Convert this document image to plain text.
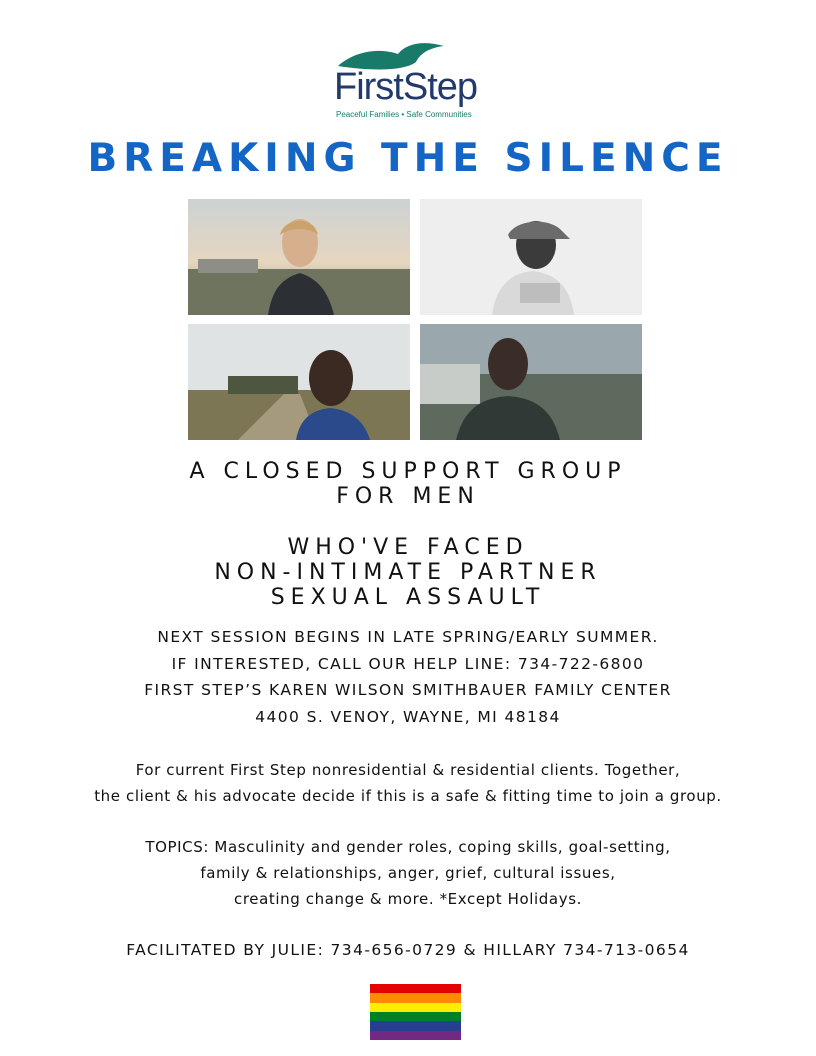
FirstStep
Peaceful Families • Safe Communities
BREAKING THE SILENCE
A CLOSED SUPPORT GROUP
FOR MEN
WHO'VE FACED
NON-INTIMATE PARTNER
SEXUAL ASSAULT
NEXT SESSION BEGINS IN LATE SPRING/EARLY SUMMER.
IF INTERESTED, CALL OUR HELP LINE: 734-722-6800
FIRST STEP’S KAREN WILSON SMITHBAUER FAMILY CENTER
4400 S. VENOY, WAYNE, MI 48184
For current First Step nonresidential & residential clients. Together,
the client & his advocate decide if this is a safe & fitting time to join a group.
TOPICS: Masculinity and gender roles, coping skills, goal-setting,
family & relationships, anger, grief, cultural issues,
creating change & more. *Except Holidays.
FACILITATED BY JULIE: 734-656-0729 & HILLARY 734-713-0654
